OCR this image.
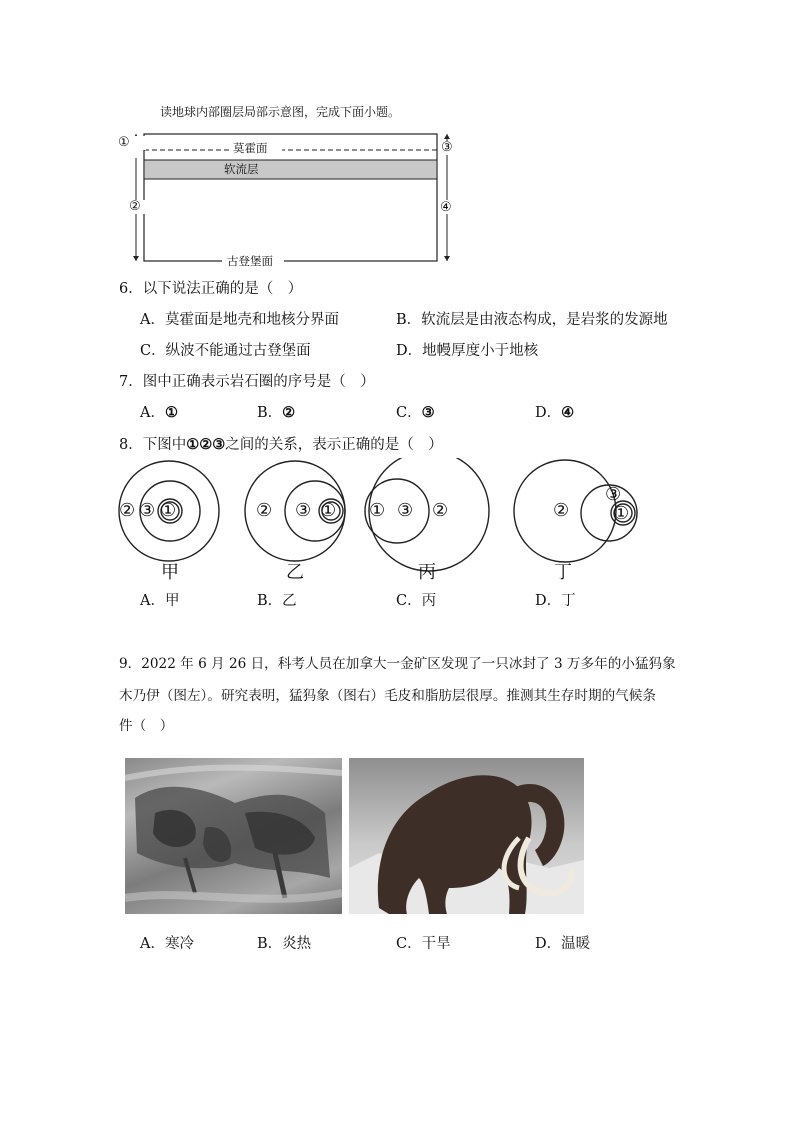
读地球内部圈层局部示意图，完成下面小题。
莫霍面
软流层
古登堡面
①
②
③
④
6．以下说法正确的是（　）
A．莫霍面是地壳和地核分界面	B．软流层是由液态构成，是岩浆的发源地
C．纵波不能通过古登堡面	D．地幔厚度小于地核
7．图中正确表示岩石圈的序号是（　）
A．①	B．②	C．③	D．④
8．下图中①②③之间的关系，表示正确的是（　）
② ③ ①
甲
② ③ ①
乙
① ③ ②
丙
③
② ①
丁
A．甲	B．乙	C．丙	D．丁
9．2022 年 6 月 26 日，科考人员在加拿大一金矿区发现了一只冰封了 3 万多年的小猛犸象
木乃伊（图左）。研究表明，猛犸象（图右）毛皮和脂肪层很厚。推测其生存时期的气候条
件（　）
A．寒冷	B．炎热	C．干旱	D．温暖
